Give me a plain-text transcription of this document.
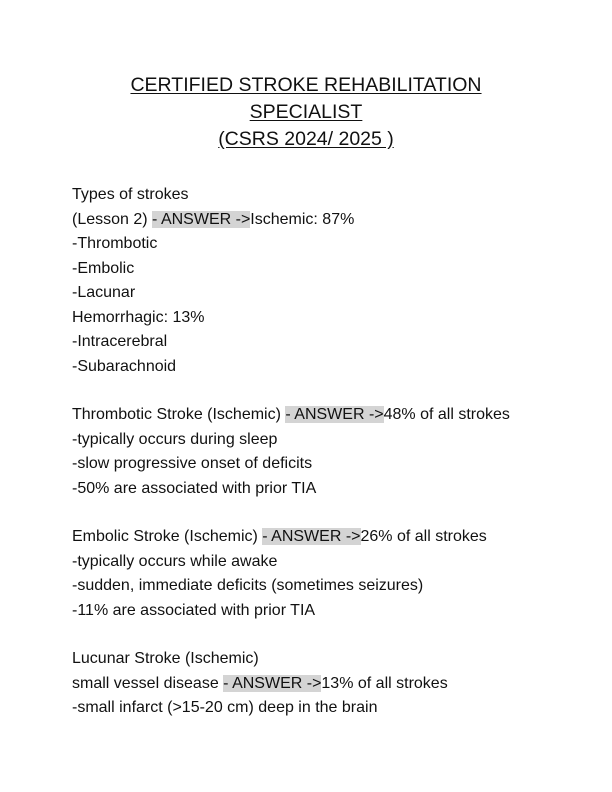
CERTIFIED STROKE REHABILITATION SPECIALIST
(CSRS 2024/ 2025 )

Types of strokes

(Lesson 2) - ANSWER ->Ischemic: 87%

-Thrombotic

-Embolic

-Lacunar

Hemorrhagic: 13%

-Intracerebral

-Subarachnoid

Thrombotic Stroke (Ischemic) - ANSWER ->48% of all strokes

-typically occurs during sleep

-slow progressive onset of deficits

-50% are associated with prior TIA

Embolic Stroke (Ischemic) - ANSWER ->26% of all strokes

-typically occurs while awake

-sudden, immediate deficits (sometimes seizures)

-11% are associated with prior TIA

Lucunar Stroke (Ischemic)

small vessel disease - ANSWER ->13% of all strokes

-small infarct (>15-20 cm) deep in the brain
